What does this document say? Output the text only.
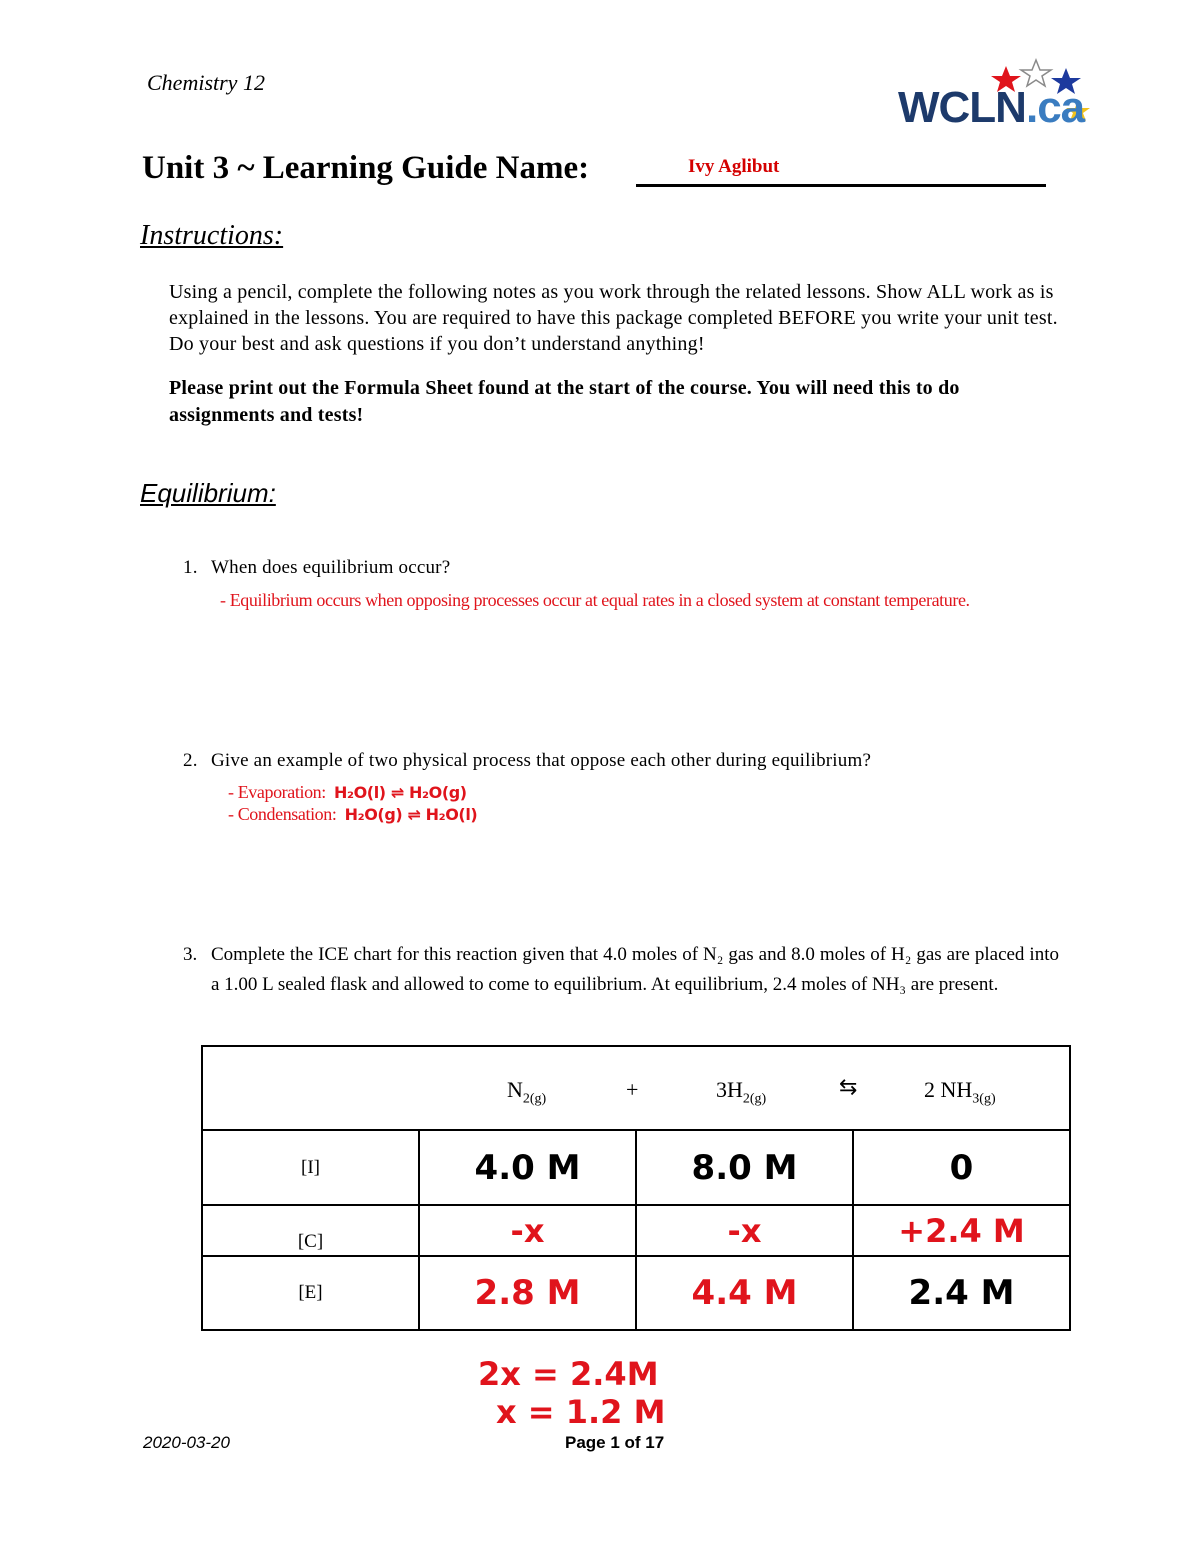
Chemistry 12
WCLN.ca
Unit 3 ~ Learning Guide Name:	Ivy Aglibut
Instructions:

Using a pencil, complete the following notes as you work through the related lessons. Show ALL work as is explained in the lessons. You are required to have this package completed BEFORE you write your unit test. Do your best and ask questions if you don’t understand anything!

Please print out the Formula Sheet found at the start of the course. You will need this to do assignments and tests!
Equilibrium:
1. When does equilibrium occur?
- Equilibrium occurs when opposing processes occur at equal rates in a closed system at constant temperature.
2. Give an example of two physical process that oppose each other during equilibrium?
- Evaporation: H₂O(l) ⇌ H₂O(g)
- Condensation: H₂O(g) ⇌ H₂O(l)
3. Complete the ICE chart for this reaction given that 4.0 moles of N₂ gas and 8.0 moles of H₂ gas are placed into a 1.00 L sealed flask and allowed to come to equilibrium. At equilibrium, 2.4 moles of NH₃ are present.

	$N_{2(g)} + 3H_{2(g)}$ ⇆ 2 $NH_{3(g)}$

[I]	4.0 M	8.0 M	0
[C]	-x	-x	+2.4 M
[E]	2.8 M	4.4 M	2.4 M
2x = 2.4M
x = 1.2 M
2020-03-20	Page 1 of 17
